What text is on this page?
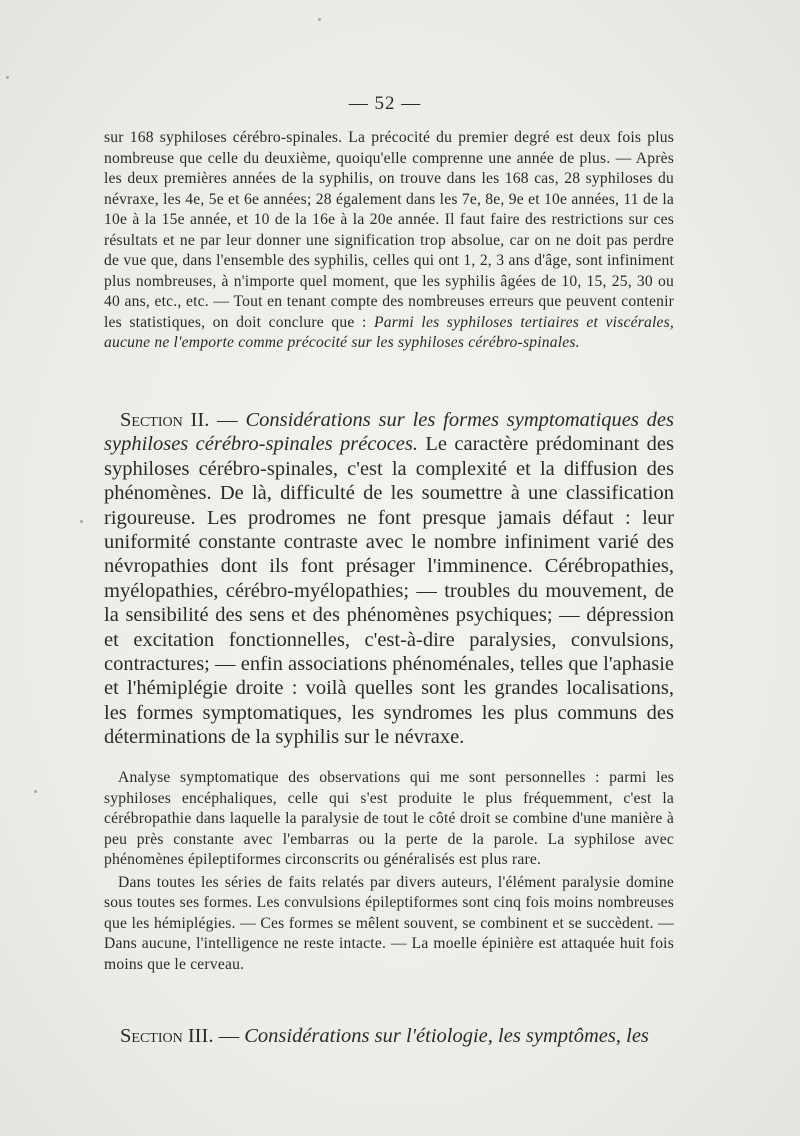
— 52 —

sur 168 syphiloses cérébro-spinales. La précocité du premier degré est deux fois plus nombreuse que celle du deuxième, quoiqu'elle comprenne une année de plus. — Après les deux premières années de la syphilis, on trouve dans les 168 cas, 28 syphiloses du névraxe, les 4e, 5e et 6e années; 28 également dans les 7e, 8e, 9e et 10e années, 11 de la 10e à la 15e année, et 10 de la 16e à la 20e année. Il faut faire des restrictions sur ces résultats et ne par leur donner une signification trop absolue, car on ne doit pas perdre de vue que, dans l'ensemble des syphilis, celles qui ont 1, 2, 3 ans d'âge, sont infiniment plus nombreuses, à n'importe quel moment, que les syphilis âgées de 10, 15, 25, 30 ou 40 ans, etc., etc. — Tout en tenant compte des nombreuses erreurs que peuvent contenir les statistiques, on doit conclure que : Parmi les syphiloses tertiaires et viscérales, aucune ne l'emporte comme précocité sur les syphiloses cérébro-spinales.

Section II. — Considérations sur les formes symptomatiques des syphiloses cérébro-spinales précoces. Le caractère prédominant des syphiloses cérébro-spinales, c'est la complexité et la diffusion des phénomènes. De là, difficulté de les soumettre à une classification rigoureuse. Les prodromes ne font presque jamais défaut : leur uniformité constante contraste avec le nombre infiniment varié des névropathies dont ils font présager l'imminence. Cérébropathies, myélopathies, cérébro-myélopathies; — troubles du mouvement, de la sensibilité des sens et des phénomènes psychiques; — dépression et excitation fonctionnelles, c'est-à-dire paralysies, convulsions, contractures; — enfin associations phénoménales, telles que l'aphasie et l'hémiplégie droite : voilà quelles sont les grandes localisations, les formes symptomatiques, les syndromes les plus communs des déterminations de la syphilis sur le névraxe.

Analyse symptomatique des observations qui me sont personnelles : parmi les syphiloses encéphaliques, celle qui s'est produite le plus fréquemment, c'est la cérébropathie dans laquelle la paralysie de tout le côté droit se combine d'une manière à peu près constante avec l'embarras ou la perte de la parole. La syphilose avec phénomènes épileptiformes circonscrits ou généralisés est plus rare.

Dans toutes les séries de faits relatés par divers auteurs, l'élément paralysie domine sous toutes ses formes. Les convulsions épileptiformes sont cinq fois moins nombreuses que les hémiplégies. — Ces formes se mêlent souvent, se combinent et se succèdent. — Dans aucune, l'intelligence ne reste intacte. — La moelle épinière est attaquée huit fois moins que le cerveau.

Section III. — Considérations sur l'étiologie, les symptômes, les
